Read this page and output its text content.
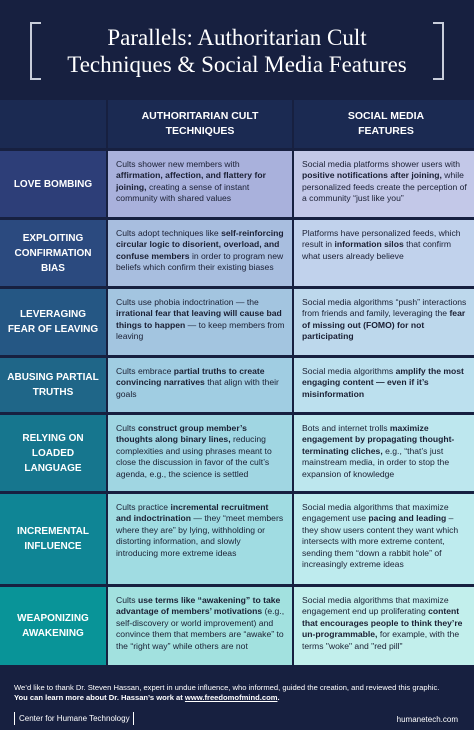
Parallels: Authoritarian Cult
Techniques & Social Media Features
AUTHORITARIAN CULT
TECHNIQUES
SOCIAL MEDIA
FEATURES
LOVE BOMBING
Cults shower new members with affirmation, affection, and flattery for joining, creating a sense of instant community with shared values
Social media platforms shower users with positive notifications after joining, while personalized feeds create the perception of a community “just like you”
EXPLOITING CONFIRMATION BIAS
Cults adopt techniques like self-reinforcing circular logic to disorient, overload, and confuse members in order to program new beliefs which confirm their existing biases
Platforms have personalized feeds, which result in information silos that confirm what users already believe
LEVERAGING FEAR OF LEAVING
Cults use phobia indoctrination — the irrational fear that leaving will cause bad things to happen — to keep members from leaving
Social media algorithms “push” interactions from friends and family, leveraging the fear of missing out (FOMO) for not participating
ABUSING PARTIAL TRUTHS
Cults embrace partial truths to create convincing narratives that align with their goals
Social media algorithms amplify the most engaging content — even if it’s misinformation
RELYING ON LOADED LANGUAGE
Cults construct group member’s thoughts along binary lines, reducing complexities and using phrases meant to close the discussion in favor of the cult’s agenda, e.g., the science is settled
Bots and internet trolls maximize engagement by propagating thought-terminating cliches, e.g., “that’s just mainstream media, in order to stop the expansion of knowledge
INCREMENTAL INFLUENCE
Cults practice incremental recruitment and indoctrination — they “meet members where they are” by lying, withholding or distorting information, and slowly introducing more extreme ideas
Social media algorithms that maximize engagement use pacing and leading – they show users content they want which intersects with more extreme content, sending them “down a rabbit hole” of increasingly extreme ideas
WEAPONIZING AWAKENING
Cults use terms like “awakening” to take advantage of members’ motivations (e.g., self-discovery or world improvement) and convince them that members are “awake” to the “right way” while others are not
Social media algorithms that maximize engagement end up proliferating content that encourages people to think they’re un-programmable, for example, with the terms "woke" and "red pill"
We’d like to thank Dr. Steven Hassan, expert in undue influence, who informed, guided the creation, and reviewed this graphic.
You can learn more about Dr. Hassan’s work at www.freedomofmind.com.
Center for Humane Technology	humanetech.com
